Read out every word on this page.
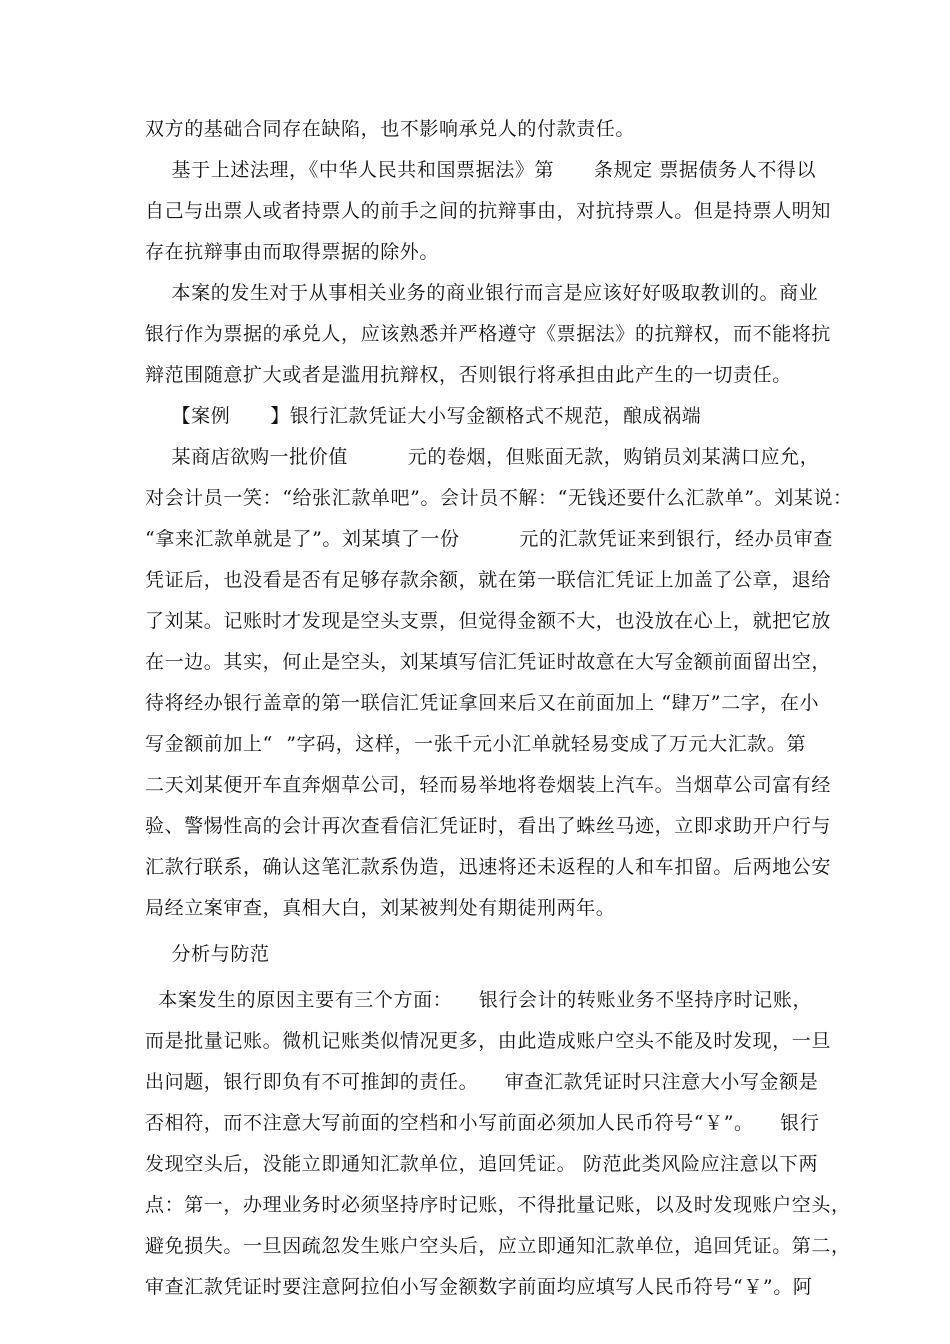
双方的基础合同存在缺陷，也不影响承兑人的付款责任。
基于上述法理，《中华人民共和国票据法》第      条规定 票据债务人不得以
自己与出票人或者持票人的前手之间的抗辩事由，对抗持票人。但是持票人明知
存在抗辩事由而取得票据的除外。
本案的发生对于从事相关业务的商业银行而言是应该好好吸取教训的。商业
银行作为票据的承兑人，应该熟悉并严格遵守《票据法》的抗辩权，而不能将抗
辩范围随意扩大或者是滥用抗辩权，否则银行将承担由此产生的一切责任。
【案例      】银行汇款凭证大小写金额格式不规范，酿成祸端
某商店欲购一批价值         元的卷烟，但账面无款，购销员刘某满口应允，
对会计员一笑：“给张汇款单吧”。会计员不解：“无钱还要什么汇款单”。刘某说：
“拿来汇款单就是了”。刘某填了一份         元的汇款凭证来到银行，经办员审查
凭证后，也没看是否有足够存款余额，就在第一联信汇凭证上加盖了公章，退给
了刘某。记账时才发现是空头支票，但觉得金额不大，也没放在心上，就把它放
在一边。其实，何止是空头，刘某填写信汇凭证时故意在大写金额前面留出空，
待将经办银行盖章的第一联信汇凭证拿回来后又在前面加上 “肆万”二字，在小
写金额前加上“  ”字码，这样，一张千元小汇单就轻易变成了万元大汇款。第
二天刘某便开车直奔烟草公司，轻而易举地将卷烟装上汽车。当烟草公司富有经
验、警惕性高的会计再次查看信汇凭证时，看出了蛛丝马迹，立即求助开户行与
汇款行联系，确认这笔汇款系伪造，迅速将还未返程的人和车扣留。后两地公安
局经立案审查，真相大白，刘某被判处有期徒刑两年。
分析与防范
本案发生的原因主要有三个方面：    银行会计的转账业务不坚持序时记账，
而是批量记账。微机记账类似情况更多，由此造成账户空头不能及时发现，一旦
出问题，银行即负有不可推卸的责任。    审查汇款凭证时只注意大小写金额是
否相符，而不注意大写前面的空档和小写前面必须加人民币符号“￥”。    银行
发现空头后，没能立即通知汇款单位，追回凭证。 防范此类风险应注意以下两
点：第一，办理业务时必须坚持序时记账，不得批量记账，以及时发现账户空头，
避免损失。一旦因疏忽发生账户空头后，应立即通知汇款单位，追回凭证。第二，
审查汇款凭证时要注意阿拉伯小写金额数字前面均应填写人民币符号“￥”。阿
